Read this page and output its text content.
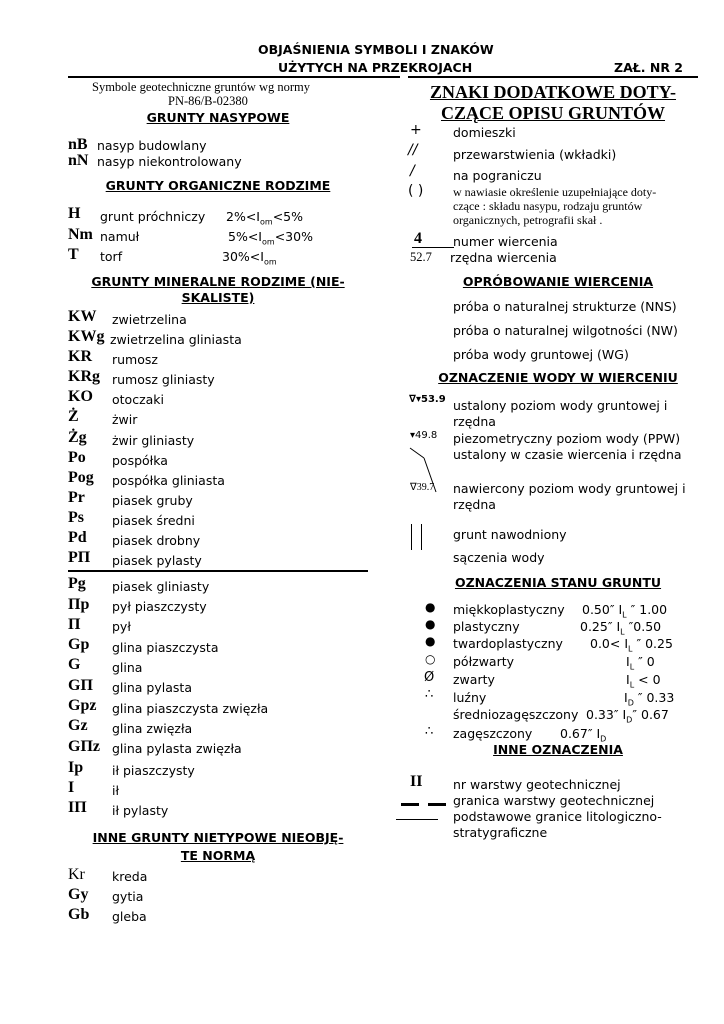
OBJAŚNIENIA SYMBOLI I ZNAKÓW
UŻYTYCH NA PRZEKROJACH	ZAŁ. NR 2
Symbole geotechniczne gruntów wg normy
PN-86/B-02380
GRUNTY NASYPOWE
nB nasyp budowlany
nN nasyp niekontrolowany
GRUNTY ORGANICZNE RODZIME
H grunt próchniczy $2\%<I_{om}<5\%$
Nm namuł	$5\%<I_{om}<30\%$
T torf	$30\%<I_{om}$
GRUNTY MINERALNE RODZIME (NIE-
SKALISTE)
KW zwietrzelina
KWg zwietrzelina gliniasta
KR rumosz
KRg rumosz gliniasty
KO otoczaki
Ż	żwir
Żg żwir gliniasty
Po pospółka
Pog pospółka gliniasta
Pr piasek gruby
Ps piasek średni
Pd piasek drobny
PΠ piasek pylasty
Pg piasek gliniasty
Πp pył piaszczysty
Π	pył
Gp glina piaszczysta
G	glina
GΠ glina pylasta
Gpz glina piaszczysta zwięzła
Gz glina zwięzła
GΠz glina pylasta zwięzła
Ip ił piaszczysty
I	ił
IΠ ił pylasty
INNE GRUNTY NIETYPOWE NIEOBJĘ-
TE NORMĄ
Kr kreda
Gy gytia
Gb gleba
ZNAKI DODATKOWE DOTY-
CZĄCE OPISU GRUNTÓW
+	domieszki
//	przewarstwienia (wkładki)
/	na pograniczu
( ) w nawiasie określenie uzupełniające doty-
czące : składu nasypu, rodzaju gruntów
organicznych, petrografii skał .
4 numer wiercenia
52.7 rzędna wiercenia
OPRÓBOWANIE WIERCENIA
próba o naturalnej strukturze (NNS)
próba o naturalnej wilgotności (NW)
próba wody gruntowej (WG)
OZNACZENIE WODY W WIERCENIU
∇▾53.9 ustalony poziom wody gruntowej i
rzędna
▾49.8 piezometryczny poziom wody (PPW)
ustalony w czasie wiercenia i rzędna
∇39.7 nawiercony poziom wody gruntowej i
rzędna
grunt nawodniony
sączenia wody
OZNACZENIA STANU GRUNTU
● miękkoplastyczny 0.50″ $I_L$ ″ 1.00
● plastyczny	0.25″ $I_L$ ″0.50
● twardoplastyczny $0.0< I_L$ ″ 0.25
○ półzwarty	$I_L$ ″ 0
Ø zwarty	$I_L < 0$
∴ luźny	$I_D$ ″ 0.33
średniozagęszczony 0.33″ $I_D''$ 0.67
∴ zagęszczony 0.67″ $I_D$
INNE OZNACZENIA
II nr warstwy geotechnicznej
granica warstwy geotechnicznej
podstawowe granice litologiczno-
stratygraficzne
